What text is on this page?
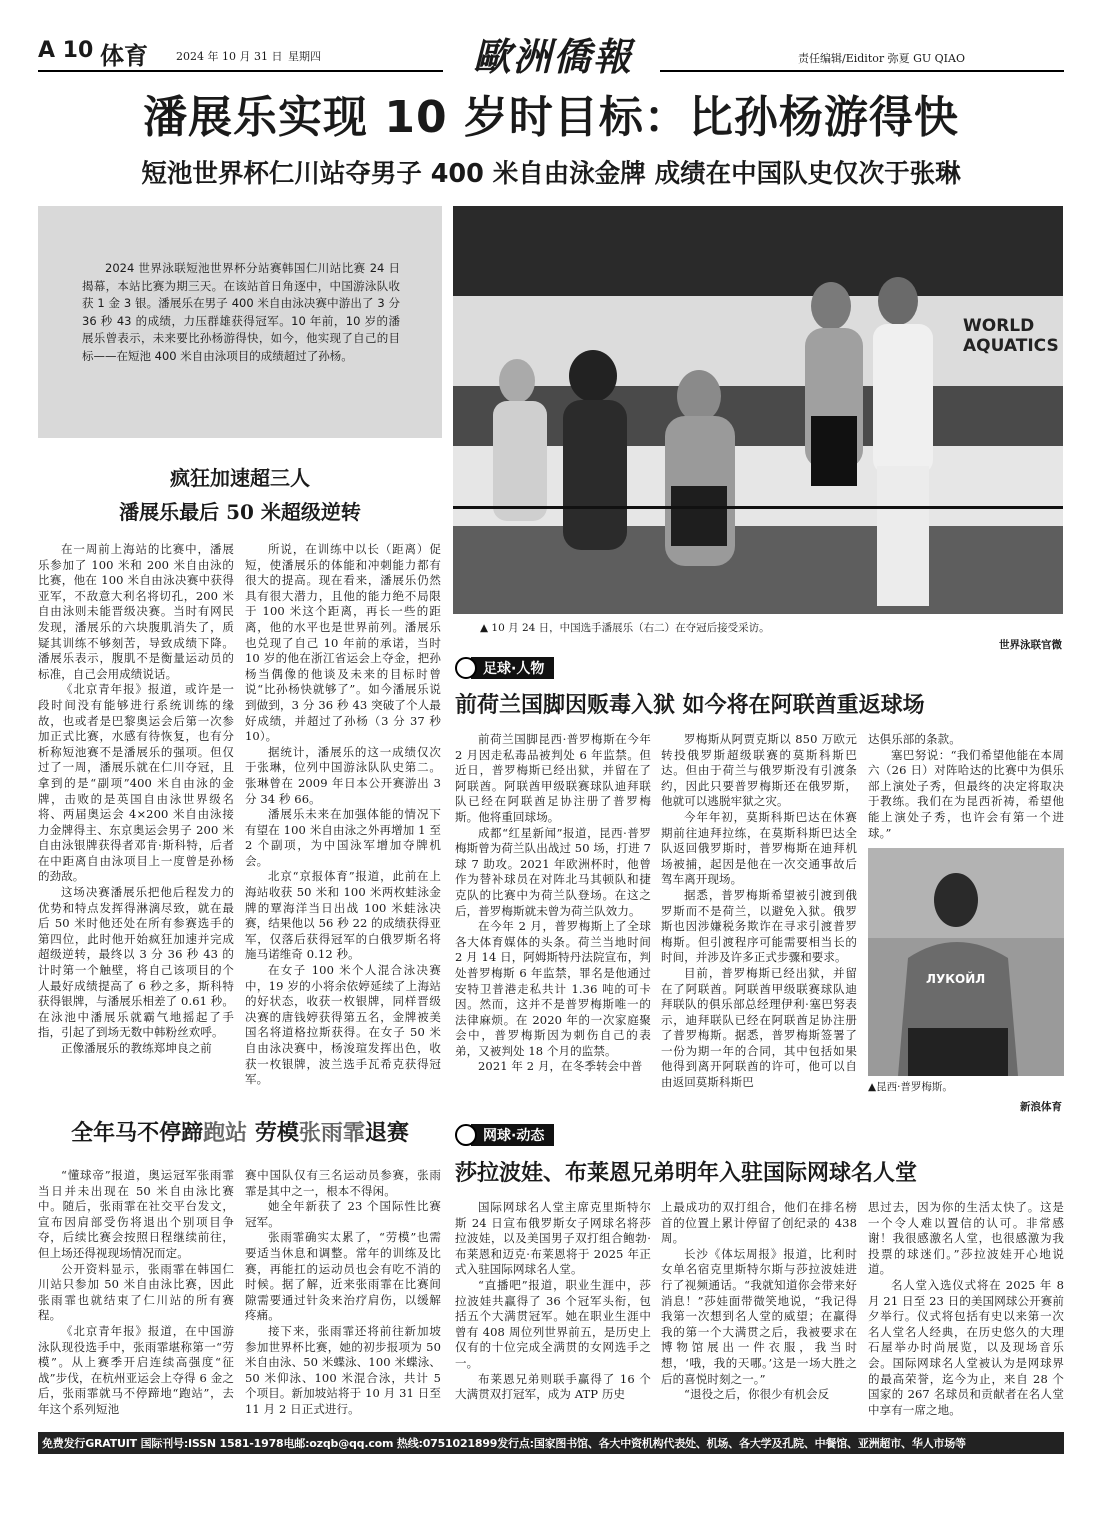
A 10 体育	2024 年 10 月 31 日 星期四	歐洲僑報	责任编辑/Eiditor 弥夏 GU QIAO
潘展乐实现 10 岁时目标：比孙杨游得快
短池世界杯仁川站夺男子 400 米自由泳金牌 成绩在中国队史仅次于张琳
2024 世界泳联短池世界杯分站赛韩国仁川站比赛 24 日揭幕，本站比赛为期三天。在该站首日角逐中，中国游泳队收获 1 金 3 银。潘展乐在男子 400 米自由泳决赛中游出了 3 分 36 秒 43 的成绩，力压群雄获得冠军。10 年前，10 岁的潘展乐曾表示，未来要比孙杨游得快，如今，他实现了自己的目标——在短池 400 米自由泳项目的成绩超过了孙杨。
WORLD AQUATICS
▲ 10 月 24 日，中国选手潘展乐（右二）在夺冠后接受采访。
世界泳联官微
疯狂加速超三人
潘展乐最后 50 米超级逆转

在一周前上海站的比赛中，潘展乐参加了 100 米和 200 米自由泳的比赛，他在 100 米自由泳决赛中获得亚军，不敌意大利名将切孔，200 米自由泳则未能晋级决赛。当时有网民发现，潘展乐的六块腹肌消失了，质疑其训练不够刻苦，导致成绩下降。潘展乐表示，腹肌不是衡量运动员的标准，自己会用成绩说话。

《北京青年报》报道，或许是一段时间没有能够进行系统训练的缘故，也或者是巴黎奥运会后第一次参加正式比赛，水感有待恢复，也有分析称短池赛不是潘展乐的强项。但仅过了一周，潘展乐就在仁川夺冠，且拿到的是“副项”400 米自由泳的金牌，击败的是英国自由泳世界级名将、两届奥运会 4×200 米自由泳接力金牌得主、东京奥运会男子 200 米自由泳银牌获得者邓肯·斯科特，后者在中距离自由泳项目上一度曾是孙杨的劲敌。

这场决赛潘展乐把他后程发力的优势和特点发挥得淋漓尽致，就在最后 50 米时他还处在所有参赛选手的第四位，此时他开始疯狂加速并完成超级逆转，最终以 3 分 36 秒 43 的计时第一个触壁，将自己该项目的个人最好成绩提高了 6 秒之多，斯科特获得银牌，与潘展乐相差了 0.61 秒。在泳池中潘展乐就霸气地摇起了手指，引起了到场无数中韩粉丝欢呼。

正像潘展乐的教练郑坤良之前

所说，在训练中以长（距离）促短，使潘展乐的体能和冲刺能力都有很大的提高。现在看来，潘展乐仍然具有很大潜力，且他的能力绝不局限于 100 米这个距离，再长一些的距离，他的水平也是世界前列。潘展乐也兑现了自己 10 年前的承诺，当时 10 岁的他在浙江省运会上夺金，把孙杨当偶像的他谈及未来的目标时曾说“比孙杨快就够了”。如今潘展乐说到做到，3 分 36 秒 43 突破了个人最好成绩，并超过了孙杨（3 分 37 秒 10）。

据统计，潘展乐的这一成绩仅次于张琳，位列中国游泳队队史第二。张琳曾在 2009 年日本公开赛游出 3 分 34 秒 66。

潘展乐未来在加强体能的情况下有望在 100 米自由泳之外再增加 1 至 2 个副项，为中国泳军增加夺牌机会。

北京“京报体育”报道，此前在上海站收获 50 米和 100 米两枚蛙泳金牌的覃海洋当日出战 100 米蛙泳决赛，结果他以 56 秒 22 的成绩获得亚军，仅落后获得冠军的白俄罗斯名将施马诺维奇 0.12 秒。

在女子 100 米个人混合泳决赛中，19 岁的小将余依婷延续了上海站的好状态，收获一枚银牌，同样晋级决赛的唐钱婷获得第五名，金牌被美国名将道格拉斯获得。在女子 50 米自由泳决赛中，杨浚瑄发挥出色，收获一枚银牌，波兰选手瓦希克获得冠军。

足球·人物
前荷兰国脚因贩毒入狱 如今将在阿联酋重返球场

前荷兰国脚昆西·普罗梅斯在今年 2 月因走私毒品被判处 6 年监禁。但近日，普罗梅斯已经出狱，并留在了阿联酋。阿联酋甲级联赛球队迪拜联队已经在阿联酋足协注册了普罗梅斯。他将重回球场。

成都“红星新闻”报道，昆西·普罗梅斯曾为荷兰队出战过 50 场，打进 7 球 7 助攻。2021 年欧洲杯时，他曾作为替补球员在对阵北马其顿队和捷克队的比赛中为荷兰队登场。在这之后，普罗梅斯就未曾为荷兰队效力。

在今年 2 月，普罗梅斯上了全球各大体育媒体的头条。荷兰当地时间 2 月 14 日，阿姆斯特丹法院宣布，判处普罗梅斯 6 年监禁，罪名是他通过安特卫普港走私共计 1.36 吨的可卡因。然而，这并不是普罗梅斯唯一的法律麻烦。在 2020 年的一次家庭聚会中，普罗梅斯因为刺伤自己的表弟，又被判处 18 个月的监禁。

2021 年 2 月，在冬季转会中普

罗梅斯从阿贾克斯以 850 万欧元转投俄罗斯超级联赛的莫斯科斯巴达。但由于荷兰与俄罗斯没有引渡条约，因此只要普罗梅斯还在俄罗斯，他就可以逃脱牢狱之灾。

今年年初，莫斯科斯巴达在休赛期前往迪拜拉练，在莫斯科斯巴达全队返回俄罗斯时，普罗梅斯在迪拜机场被捕，起因是他在一次交通事故后驾车离开现场。

据悉，普罗梅斯希望被引渡到俄罗斯而不是荷兰，以避免入狱。俄罗斯也因涉嫌税务欺诈在寻求引渡普罗梅斯。但引渡程序可能需要相当长的时间，并涉及许多正式步骤和要求。

目前，普罗梅斯已经出狱，并留在了阿联酋。阿联酋甲级联赛球队迪拜联队的俱乐部总经理伊利·塞巴努表示，迪拜联队已经在阿联酋足协注册了普罗梅斯。据悉，普罗梅斯签署了一份为期一年的合同，其中包括如果他得到离开阿联酋的许可，他可以自由返回莫斯科斯巴

达俱乐部的条款。

塞巴努说：“我们希望他能在本周六（26 日）对阵哈达的比赛中为俱乐部上演处子秀，但最终的决定将取决于教练。我们在为昆西祈祷，希望他能上演处子秀，也许会有第一个进球。”

ЛУКОЙЛ
▲昆西·普罗梅斯。
新浪体育
全年马不停蹄跑站 劳模张雨霏退赛

“懂球帝”报道，奥运冠军张雨霏当日并未出现在 50 米自由泳比赛中。随后，张雨霏在社交平台发文，宣布因肩部受伤将退出个别项目争夺，后续比赛会按照日程继续前往，但上场还得视现场情况而定。

公开资料显示，张雨霏在韩国仁川站只参加 50 米自由泳比赛，因此张雨霏也就结束了仁川站的所有赛程。

《北京青年报》报道，在中国游泳队现役选手中，张雨霏堪称第一“劳模”。从上赛季开启连续高强度“征战”步伐，在杭州亚运会上夺得 6 金之后，张雨霏就马不停蹄地“跑站”，去年这个系列短池

赛中国队仅有三名运动员参赛，张雨霏是其中之一，根本不得闲。

她全年新获了 23 个国际性比赛冠军。

张雨霏确实太累了，“劳模”也需要适当休息和调整。常年的训练及比赛，再能扛的运动员也会有吃不消的时候。据了解，近来张雨霏在比赛间隙需要通过针灸来治疗肩伤，以缓解疼痛。

接下来，张雨霏还将前往新加坡参加世界杯比赛，她的初步报项为 50 米自由泳、50 米蝶泳、100 米蝶泳、50 米仰泳、100 米混合泳，共计 5 个项目。新加坡站将于 10 月 31 日至 11 月 2 日正式进行。

网球·动态
莎拉波娃、布莱恩兄弟明年入驻国际网球名人堂

国际网球名人堂主席克里斯特尔斯 24 日宣布俄罗斯女子网球名将莎拉波娃，以及美国男子双打组合鲍勃·布莱恩和迈克·布莱恩将于 2025 年正式入驻国际网球名人堂。

“直播吧”报道，职业生涯中，莎拉波娃共赢得了 36 个冠军头衔，包括五个大满贯冠军。她在职业生涯中曾有 408 周位列世界前五，是历史上仅有的十位完成全满贯的女网选手之一。

布莱恩兄弟则联手赢得了 16 个大满贯双打冠军，成为 ATP 历史

上最成功的双打组合，他们在排名榜首的位置上累计停留了创纪录的 438 周。

长沙《体坛周报》报道，比利时女单名宿克里斯特尔斯与莎拉波娃进行了视频通话。“我就知道你会带来好消息！”莎娃面带微笑地说，“我记得我第一次想到名人堂的威望；在赢得我的第一个大满贯之后，我被要求在博物馆展出一件衣服，我当时想，‘哦，我的天哪。’这是一场大胜之后的喜悦时刻之一。”

“退役之后，你很少有机会反

思过去，因为你的生活太快了。这是一个令人难以置信的认可。非常感谢！我很感激名人堂，也很感激为我投票的球迷们。”莎拉波娃开心地说道。

名人堂入选仪式将在 2025 年 8 月 21 日至 23 日的美国网球公开赛前夕举行。仪式将包括有史以来第一次名人堂名人经典，在历史悠久的大理石屋举办时尚展览，以及现场音乐会。国际网球名人堂被认为是网球界的最高荣誉，迄今为止，来自 28 个国家的 267 名球员和贡献者在名人堂中享有一席之地。

免费发行GRATUIT 国际刊号:ISSN 1581-1978电邮:ozqb@qq.com 热线:0751021899发行点:国家图书馆、各大中资机构代表处、机场、各大学及孔院、中餐馆、亚洲超市、华人市场等
